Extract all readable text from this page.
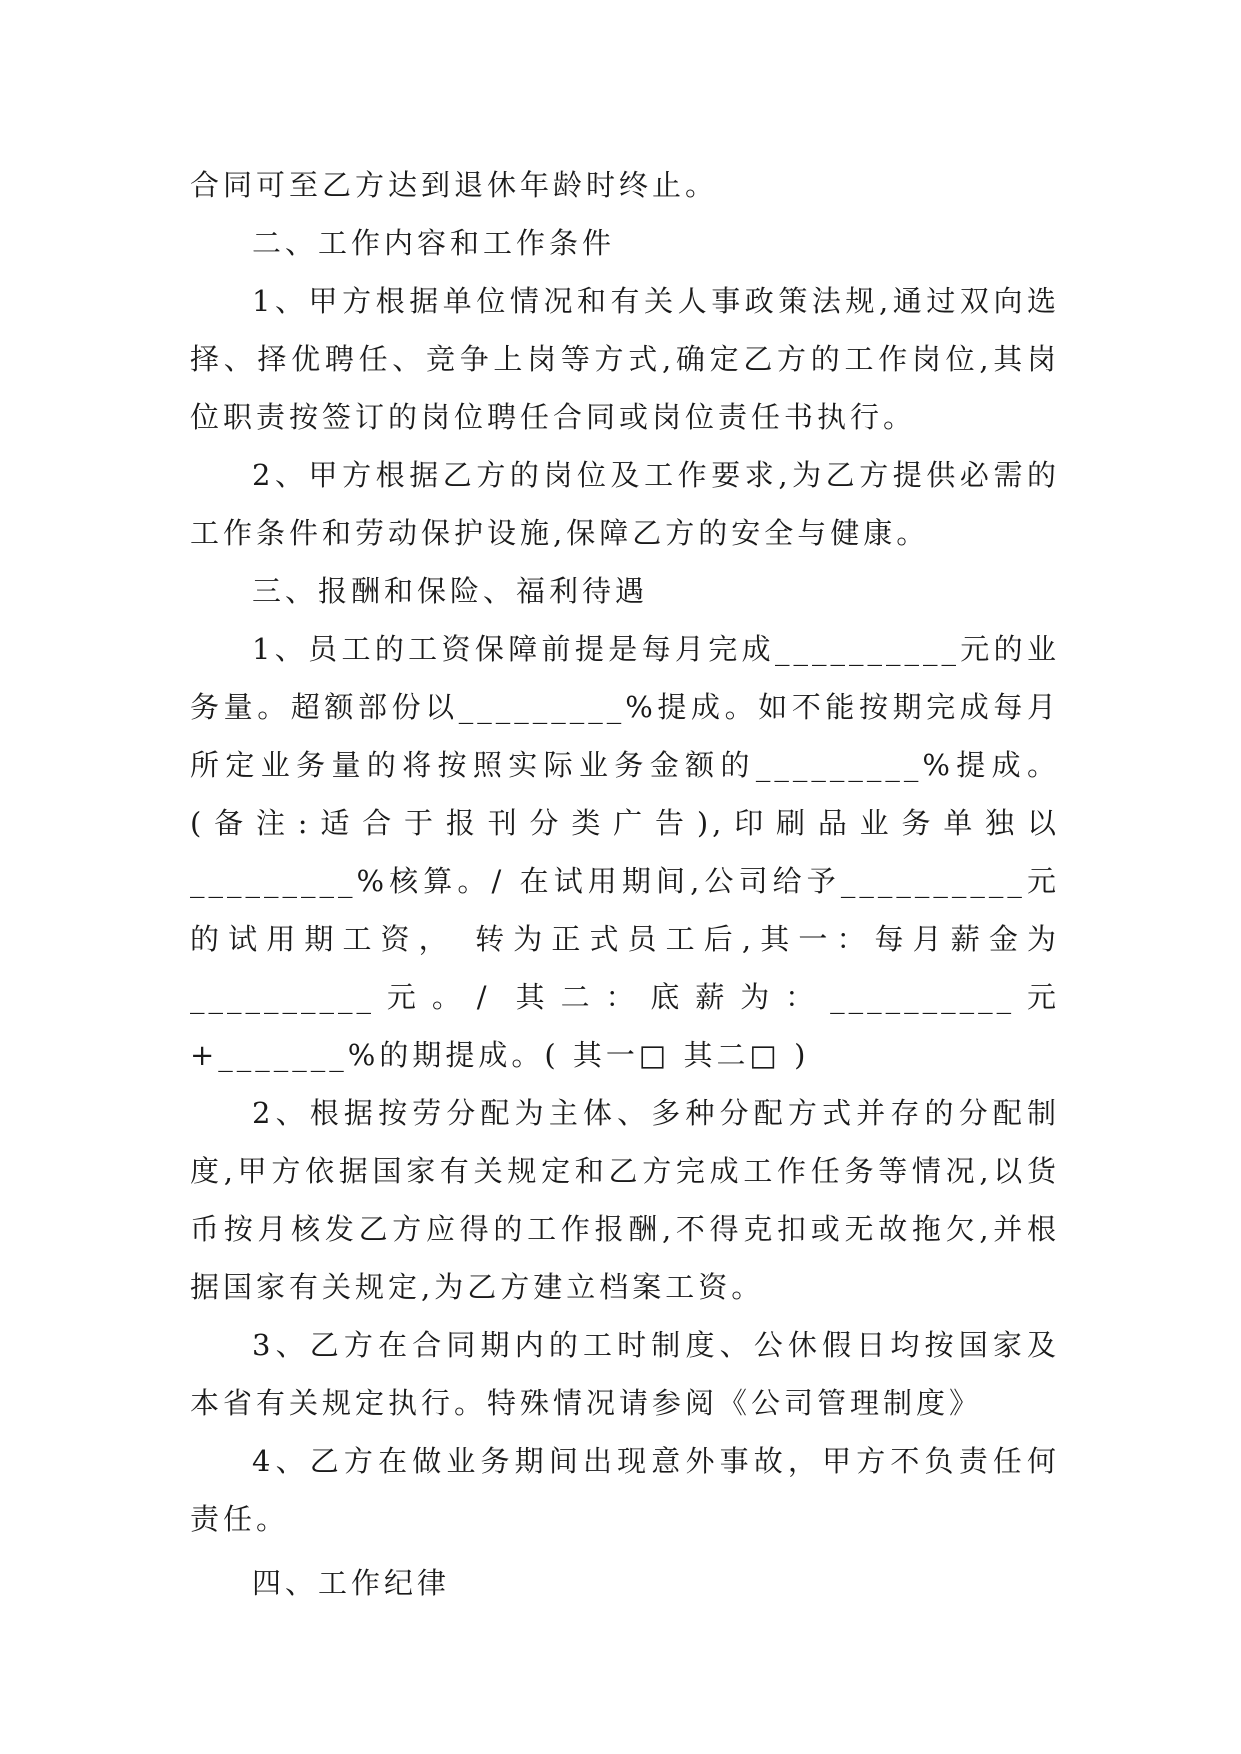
合同可至乙方达到退休年龄时终止。

二、工作内容和工作条件

1、甲方根据单位情况和有关人事政策法规,通过双向选择、择优聘任、竞争上岗等方式,确定乙方的工作岗位,其岗位职责按签订的岗位聘任合同或岗位责任书执行。

2、甲方根据乙方的岗位及工作要求,为乙方提供必需的工作条件和劳动保护设施,保障乙方的安全与健康。

三、报酬和保险、福利待遇

1、员工的工资保障前提是每月完成__________元的业务量。超额部份以_________%提成。如不能按期完成每月所定业务量的将按照实际业务金额的_________%提成。(备注:适合于报刊分类广告),印刷品业务单独以_________%核算。/ 在试用期间,公司给予__________元的试用期工资， 转为正式员工后,其一：每月薪金为__________元。/ 其二：底薪为：__________元+_______%的期提成。( 其一□ 其二□ )

2、根据按劳分配为主体、多种分配方式并存的分配制度,甲方依据国家有关规定和乙方完成工作任务等情况,以货币按月核发乙方应得的工作报酬,不得克扣或无故拖欠,并根据国家有关规定,为乙方建立档案工资。

3、乙方在合同期内的工时制度、公休假日均按国家及本省有关规定执行。特殊情况请参阅《公司管理制度》

4、乙方在做业务期间出现意外事故，甲方不负责任何责任。

四、工作纪律
